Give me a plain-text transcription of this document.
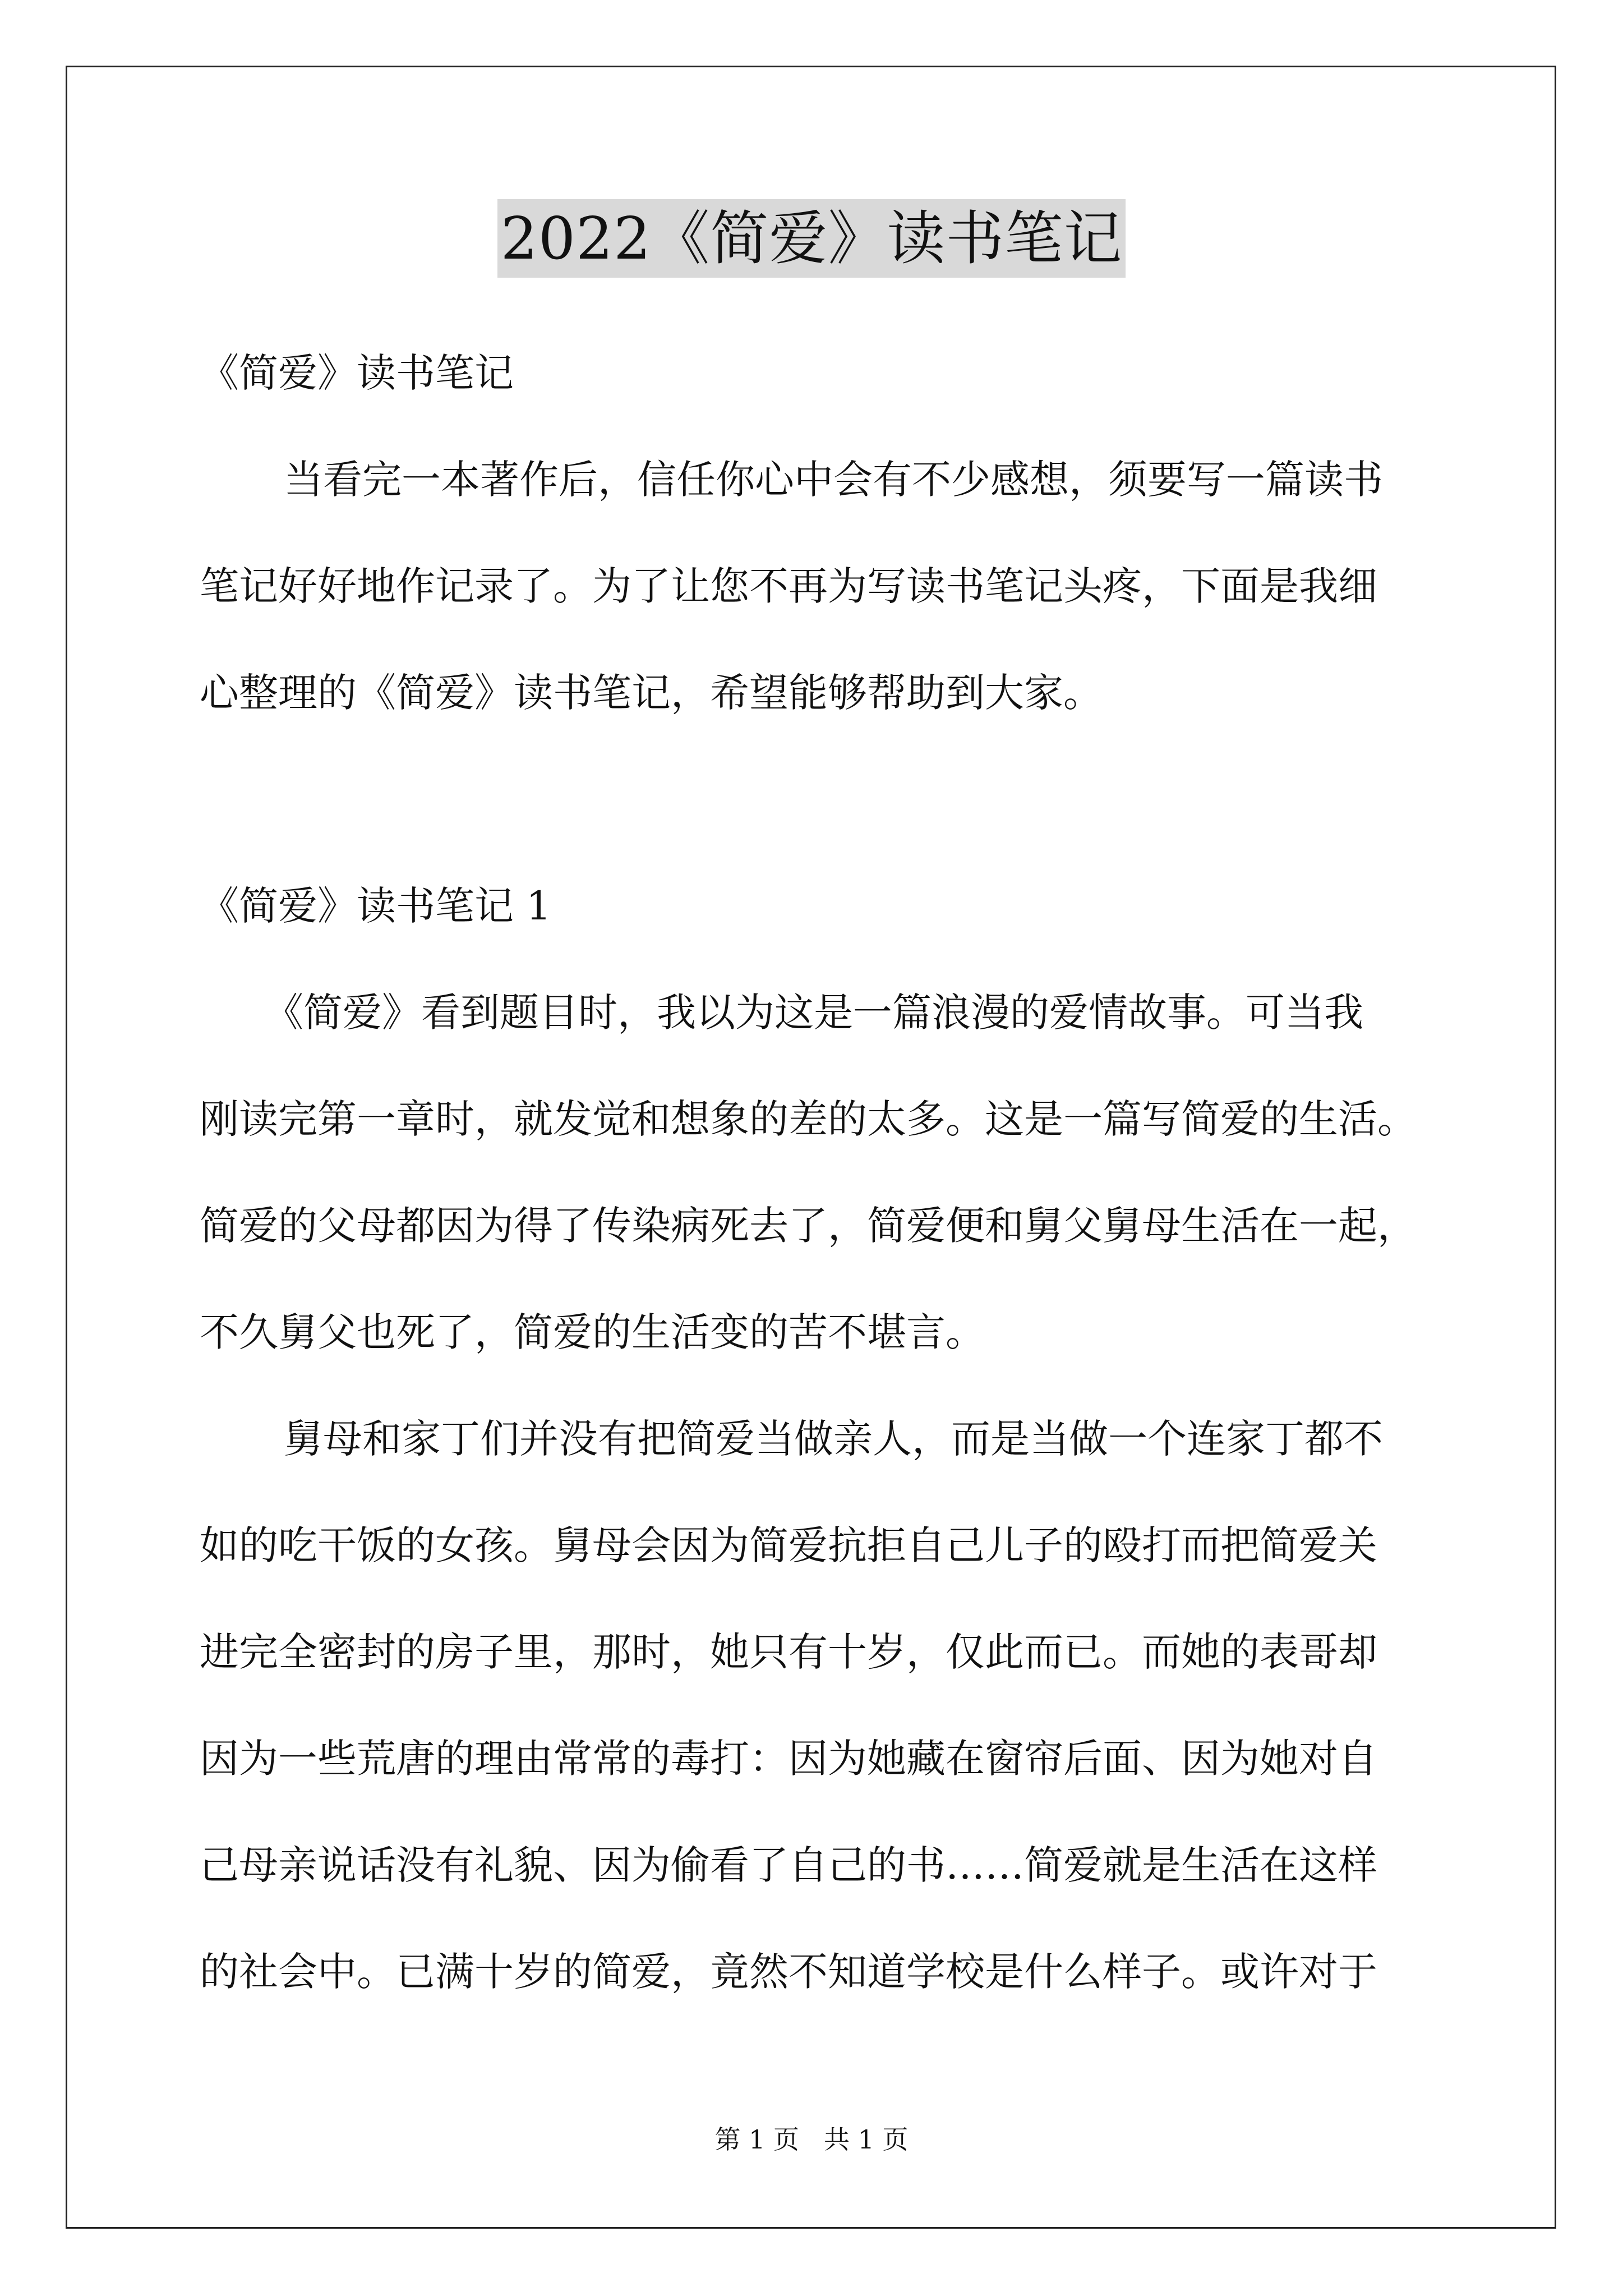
2022《简爱》读书笔记

《简爱》读书笔记

当看完一本著作后，信任你心中会有不少感想，须要写一篇读书

笔记好好地作记录了。为了让您不再为写读书笔记头疼，下面是我细

心整理的《简爱》读书笔记，希望能够帮助到大家。

《简爱》读书笔记 1

《简爱》看到题目时，我以为这是一篇浪漫的爱情故事。可当我

刚读完第一章时，就发觉和想象的差的太多。这是一篇写简爱的生活。

简爱的父母都因为得了传染病死去了，简爱便和舅父舅母生活在一起，

不久舅父也死了，简爱的生活变的苦不堪言。

舅母和家丁们并没有把简爱当做亲人，而是当做一个连家丁都不

如的吃干饭的女孩。舅母会因为简爱抗拒自己儿子的殴打而把简爱关

进完全密封的房子里，那时，她只有十岁，仅此而已。而她的表哥却

因为一些荒唐的理由常常的毒打：因为她藏在窗帘后面、因为她对自

己母亲说话没有礼貌、因为偷看了自己的书……简爱就是生活在这样

的社会中。已满十岁的简爱，竟然不知道学校是什么样子。或许对于

第 1 页 共 1 页
